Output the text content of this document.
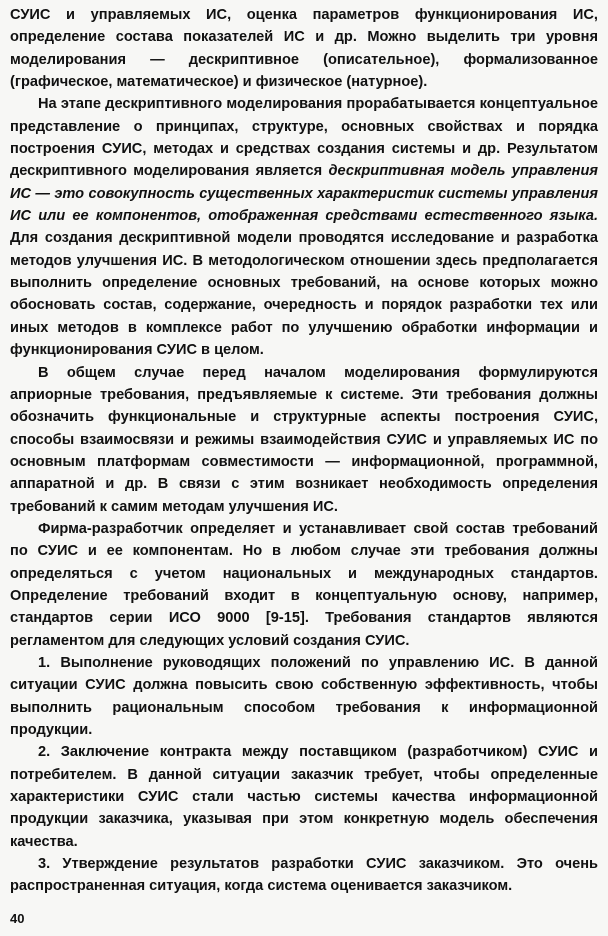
СУИС и управляемых ИС, оценка параметров функционирования ИС, определение состава показателей ИС и др. Можно выделить три уровня моделирования — дескриптивное (описательное), формализованное (графическое, математическое) и физическое (натурное).

На этапе дескриптивного моделирования прорабатывается концептуальное представление о принципах, структуре, основных свойствах и порядка построения СУИС, методах и средствах создания системы и др. Результатом дескриптивного моделирования является дескриптивная модель управления ИС — это совокупность существенных характеристик системы управления ИС или ее компонентов, отображенная средствами естественного языка. Для создания дескриптивной модели проводятся исследование и разработка методов улучшения ИС. В методологическом отношении здесь предполагается выполнить определение основных требований, на основе которых можно обосновать состав, содержание, очередность и порядок разработки тех или иных методов в комплексе работ по улучшению обработки информации и функционирования СУИС в целом.

В общем случае перед началом моделирования формулируются априорные требования, предъявляемые к системе. Эти требования должны обозначить функциональные и структурные аспекты построения СУИС, способы взаимосвязи и режимы взаимодействия СУИС и управляемых ИС по основным платформам совместимости — информационной, программной, аппаратной и др. В связи с этим возникает необходимость определения требований к самим методам улучшения ИС.

Фирма-разработчик определяет и устанавливает свой состав требований по СУИС и ее компонентам. Но в любом случае эти требования должны определяться с учетом национальных и международных стандартов. Определение требований входит в концептуальную основу, например, стандартов серии ИСО 9000 [9-15]. Требования стандартов являются регламентом для следующих условий создания СУИС.

1. Выполнение руководящих положений по управлению ИС. В данной ситуации СУИС должна повысить свою собственную эффективность, чтобы выполнить рациональным способом требования к информационной продукции.

2. Заключение контракта между поставщиком (разработчиком) СУИС и потребителем. В данной ситуации заказчик требует, чтобы определенные характеристики СУИС стали частью системы качества информационной продукции заказчика, указывая при этом конкретную модель обеспечения качества.

3. Утверждение результатов разработки СУИС заказчиком. Это очень распространенная ситуация, когда система оценивается заказчиком.

40
